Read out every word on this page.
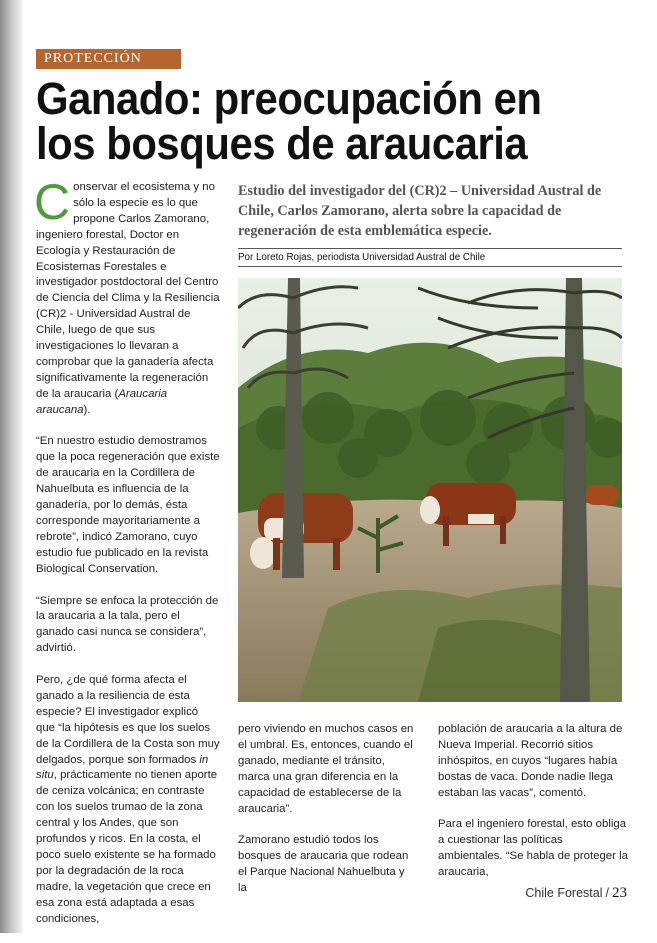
PROTECCIÓN
Ganado: preocupación en
los bosques de araucaria

Conservar el ecosistema y no sólo la especie es lo que propone Carlos Zamorano, ingeniero forestal, Doctor en Ecología y Restauración de Ecosistemas Forestales e investigador postdoctoral del Centro de Ciencia del Clima y la Resiliencia (CR)2 - Universidad Austral de Chile, luego de que sus investigaciones lo llevaran a comprobar que la ganadería afecta significativamente la regeneración de la araucaria (Araucaria araucana).

“En nuestro estudio demostramos que la poca regeneración que existe de araucaria en la Cordillera de Nahuelbuta es influencia de la ganadería, por lo demás, ésta corresponde mayoritariamente a rebrote”, indicó Zamorano, cuyo estudio fue publicado en la revista Biological Conservation.

“Siempre se enfoca la protección de la araucaria a la tala, pero el ganado casi nunca se considera”, advirtió.

Pero, ¿de qué forma afecta el ganado a la resiliencia de esta especie? El investigador explicó que “la hipótesis es que los suelos de la Cordillera de la Costa son muy delgados, porque son formados in situ, prácticamente no tienen aporte de ceniza volcánica; en contraste con los suelos trumao de la zona central y los Andes, que son profundos y ricos. En la costa, el poco suelo existente se ha formado por la degradación de la roca madre, la vegetación que crece en esa zona está adaptada a esas condiciones,

Estudio del investigador del (CR)2 – Universidad Austral de Chile, Carlos Zamorano, alerta sobre la capacidad de regeneración de esta emblemática especie.
Por Loreto Rojas, periodista Universidad Austral de Chile

pero viviendo en muchos casos en el umbral. Es, entonces, cuando el ganado, mediante el tránsito, marca una gran diferencia en la capacidad de establecerse de la araucaria”.

Zamorano estudió todos los bosques de araucaria que rodean el Parque Nacional Nahuelbuta y la

población de araucaria a la altura de Nueva Imperial. Recorrió sitios inhóspitos, en cuyos “lugares había bostas de vaca. Donde nadie llega estaban las vacas”, comentó.

Para el ingeniero forestal, esto obliga a cuestionar las políticas ambientales. “Se habla de proteger la araucaria,

Chile Forestal / 23
